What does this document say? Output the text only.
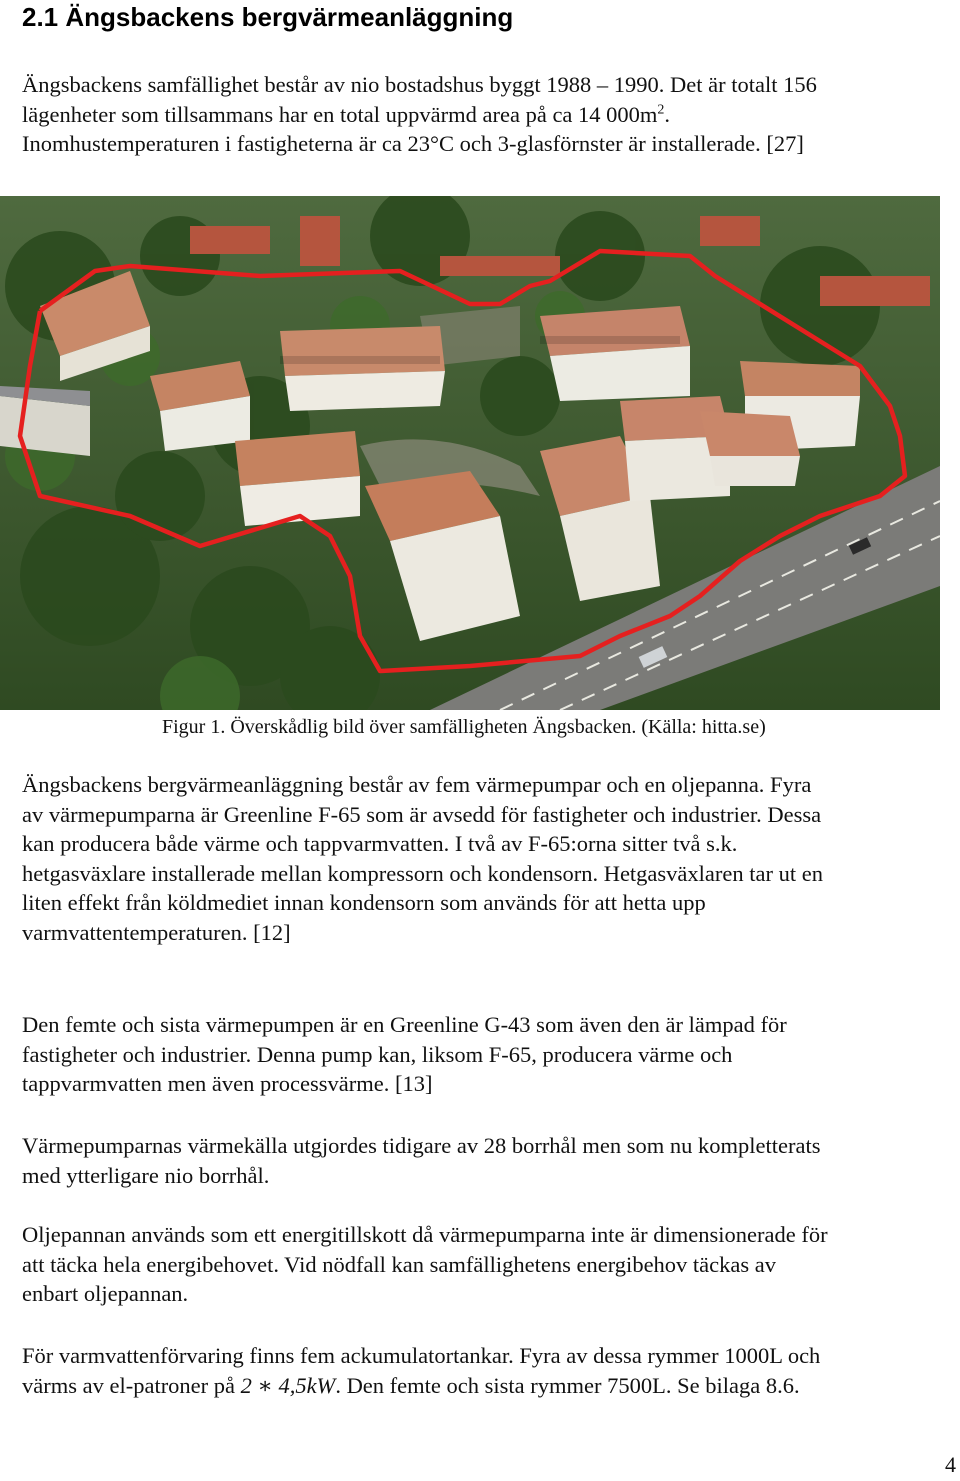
2.1 Ängsbackens bergvärmeanläggning

Ängsbackens samfällighet består av nio bostadshus byggt 1988 – 1990. Det är totalt 156
lägenheter som tillsammans har en total uppvärmd area på ca 14 $000m^2$.
Inomhustemperaturen i fastigheterna är ca 23°C och 3-glasförnster är installerade. [27]

Figur 1. Överskådlig bild över samfälligheten Ängsbacken. (Källa: hitta.se)

Ängsbackens bergvärmeanläggning består av fem värmepumpar och en oljepanna. Fyra
av värmepumparna är Greenline F-65 som är avsedd för fastigheter och industrier. Dessa
kan producera både värme och tappvarmvatten. I två av F-65:orna sitter två s.k.
hetgasväxlare installerade mellan kompressorn och kondensorn. Hetgasväxlaren tar ut en
liten effekt från köldmediet innan kondensorn som används för att hetta upp
varmvattentemperaturen. [12]

Den femte och sista värmepumpen är en Greenline G-43 som även den är lämpad för
fastigheter och industrier. Denna pump kan, liksom F-65, producera värme och
tappvarmvatten men även processvärme. [13]

Värmepumparnas värmekälla utgjordes tidigare av 28 borrhål men som nu kompletterats
med ytterligare nio borrhål.

Oljepannan används som ett energitillskott då värmepumparna inte är dimensionerade för
att täcka hela energibehovet. Vid nödfall kan samfällighetens energibehov täckas av
enbart oljepannan.

För varmvattenförvaring finns fem ackumulatortankar. Fyra av dessa rymmer 1000L och
värms av el-patroner på 2 ∗ 4,5kW. Den femte och sista rymmer 7500L. Se bilaga 8.6.

4
